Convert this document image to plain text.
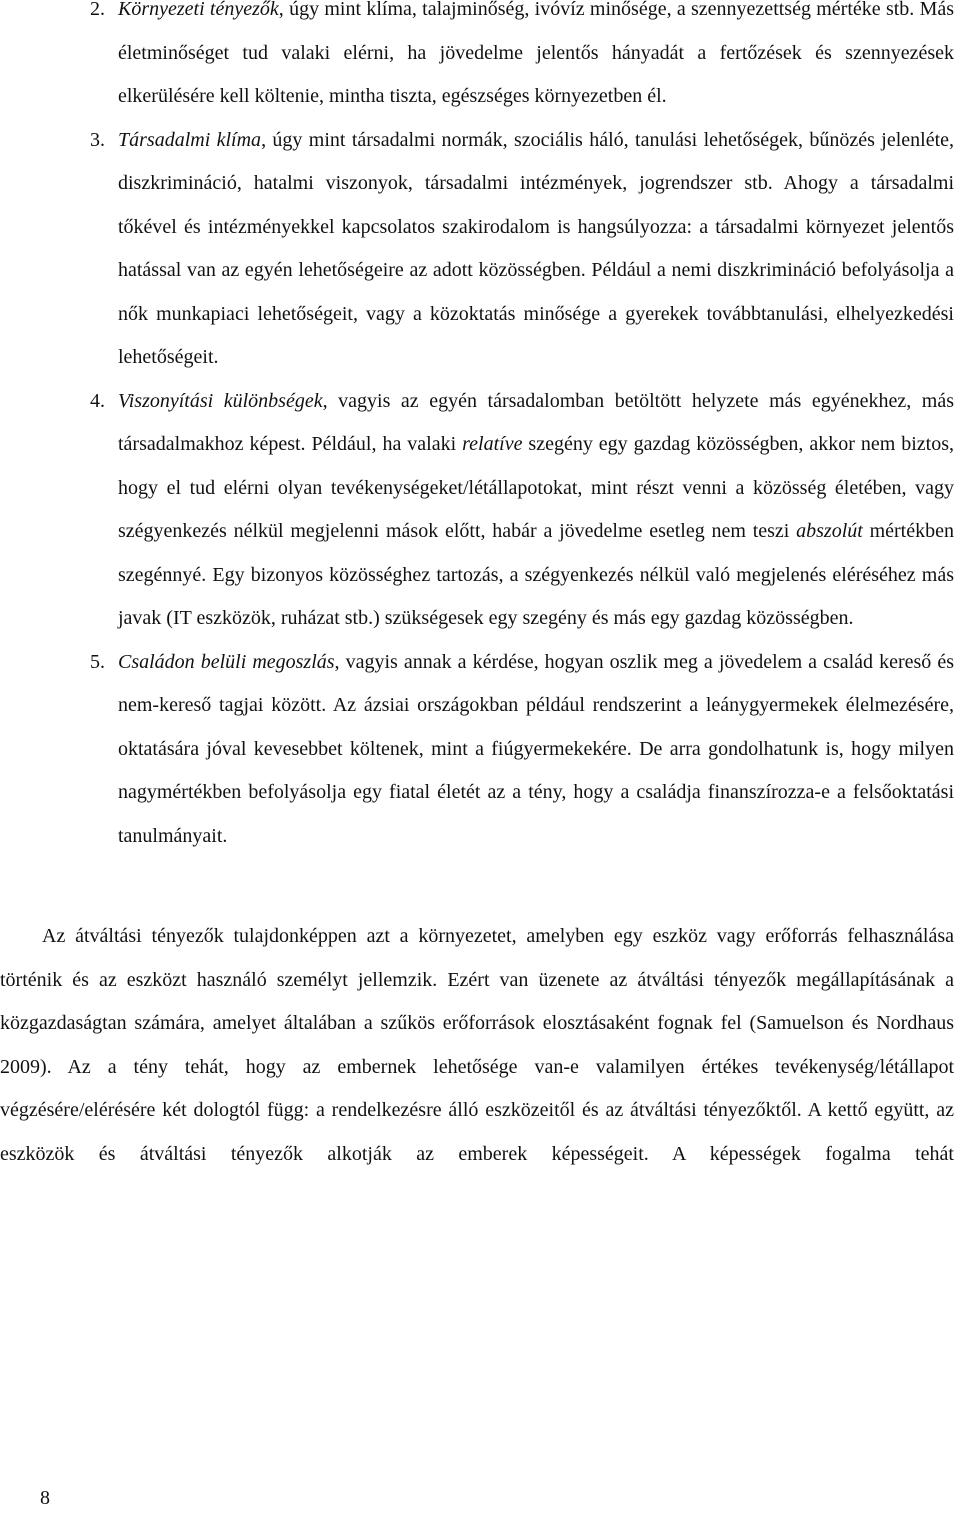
2. Környezeti tényezők, úgy mint klíma, talajminőség, ivóvíz minősége, a szennyezettség mértéke stb. Más életminőséget tud valaki elérni, ha jövedelme jelentős hányadát a fertőzések és szennyezések elkerülésére kell költenie, mintha tiszta, egészséges környezetben él.
3. Társadalmi klíma, úgy mint társadalmi normák, szociális háló, tanulási lehetőségek, bűnözés jelenléte, diszkrimináció, hatalmi viszonyok, társadalmi intézmények, jogrendszer stb. Ahogy a társadalmi tőkével és intézményekkel kapcsolatos szakirodalom is hangsúlyozza: a társadalmi környezet jelentős hatással van az egyén lehetőségeire az adott közösségben. Például a nemi diszkrimináció befolyásolja a nők munkapiaci lehetőségeit, vagy a közoktatás minősége a gyerekek továbbtanulási, elhelyezkedési lehetőségeit.
4. Viszonyítási különbségek, vagyis az egyén társadalomban betöltött helyzete más egyénekhez, más társadalmakhoz képest. Például, ha valaki relatíve szegény egy gazdag közösségben, akkor nem biztos, hogy el tud elérni olyan tevékenységeket/létállapotokat, mint részt venni a közösség életében, vagy szégyenkezés nélkül megjelenni mások előtt, habár a jövedelme esetleg nem teszi abszolút mértékben szegénnyé. Egy bizonyos közösséghez tartozás, a szégyenkezés nélkül való megjelenés eléréséhez más javak (IT eszközök, ruházat stb.) szükségesek egy szegény és más egy gazdag közösségben.
5. Családon belüli megoszlás, vagyis annak a kérdése, hogyan oszlik meg a jövedelem a család kereső és nem-kereső tagjai között. Az ázsiai országokban például rendszerint a leánygyermekek élelmezésére, oktatására jóval kevesebbet költenek, mint a fiúgyermekekére. De arra gondolhatunk is, hogy milyen nagymértékben befolyásolja egy fiatal életét az a tény, hogy a családja finanszírozza-e a felsőoktatási tanulmányait.

Az átváltási tényezők tulajdonképpen azt a környezetet, amelyben egy eszköz vagy erőforrás felhasználása történik és az eszközt használó személyt jellemzik. Ezért van üzenete az átváltási tényezők megállapításának a közgazdaságtan számára, amelyet általában a szűkös erőforrások elosztásaként fognak fel (Samuelson és Nordhaus 2009). Az a tény tehát, hogy az embernek lehetősége van-e valamilyen értékes tevékenység/létállapot végzésére/elérésére két dologtól függ: a rendelkezésre álló eszközeitől és az átváltási tényezőktől. A kettő együtt, az eszközök és átváltási tényezők alkotják az emberek képességeit. A képességek fogalma tehát

8
